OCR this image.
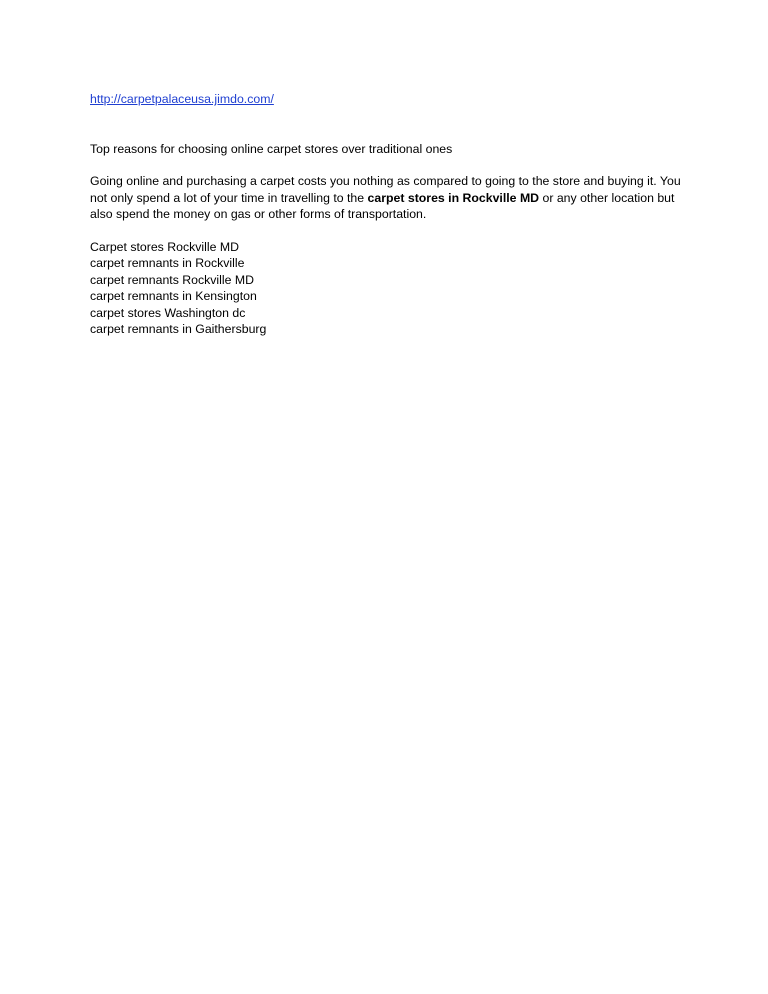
http://carpetpalaceusa.jimdo.com/
Top reasons for choosing online carpet stores over traditional ones
Going online and purchasing a carpet costs you nothing as compared to going to the store and buying it. You not only spend a lot of your time in travelling to the carpet stores in Rockville MD or any other location but also spend the money on gas or other forms of transportation.
Carpet stores Rockville MD
carpet remnants in Rockville
carpet remnants Rockville MD
carpet remnants in Kensington
carpet stores Washington dc
carpet remnants in Gaithersburg
